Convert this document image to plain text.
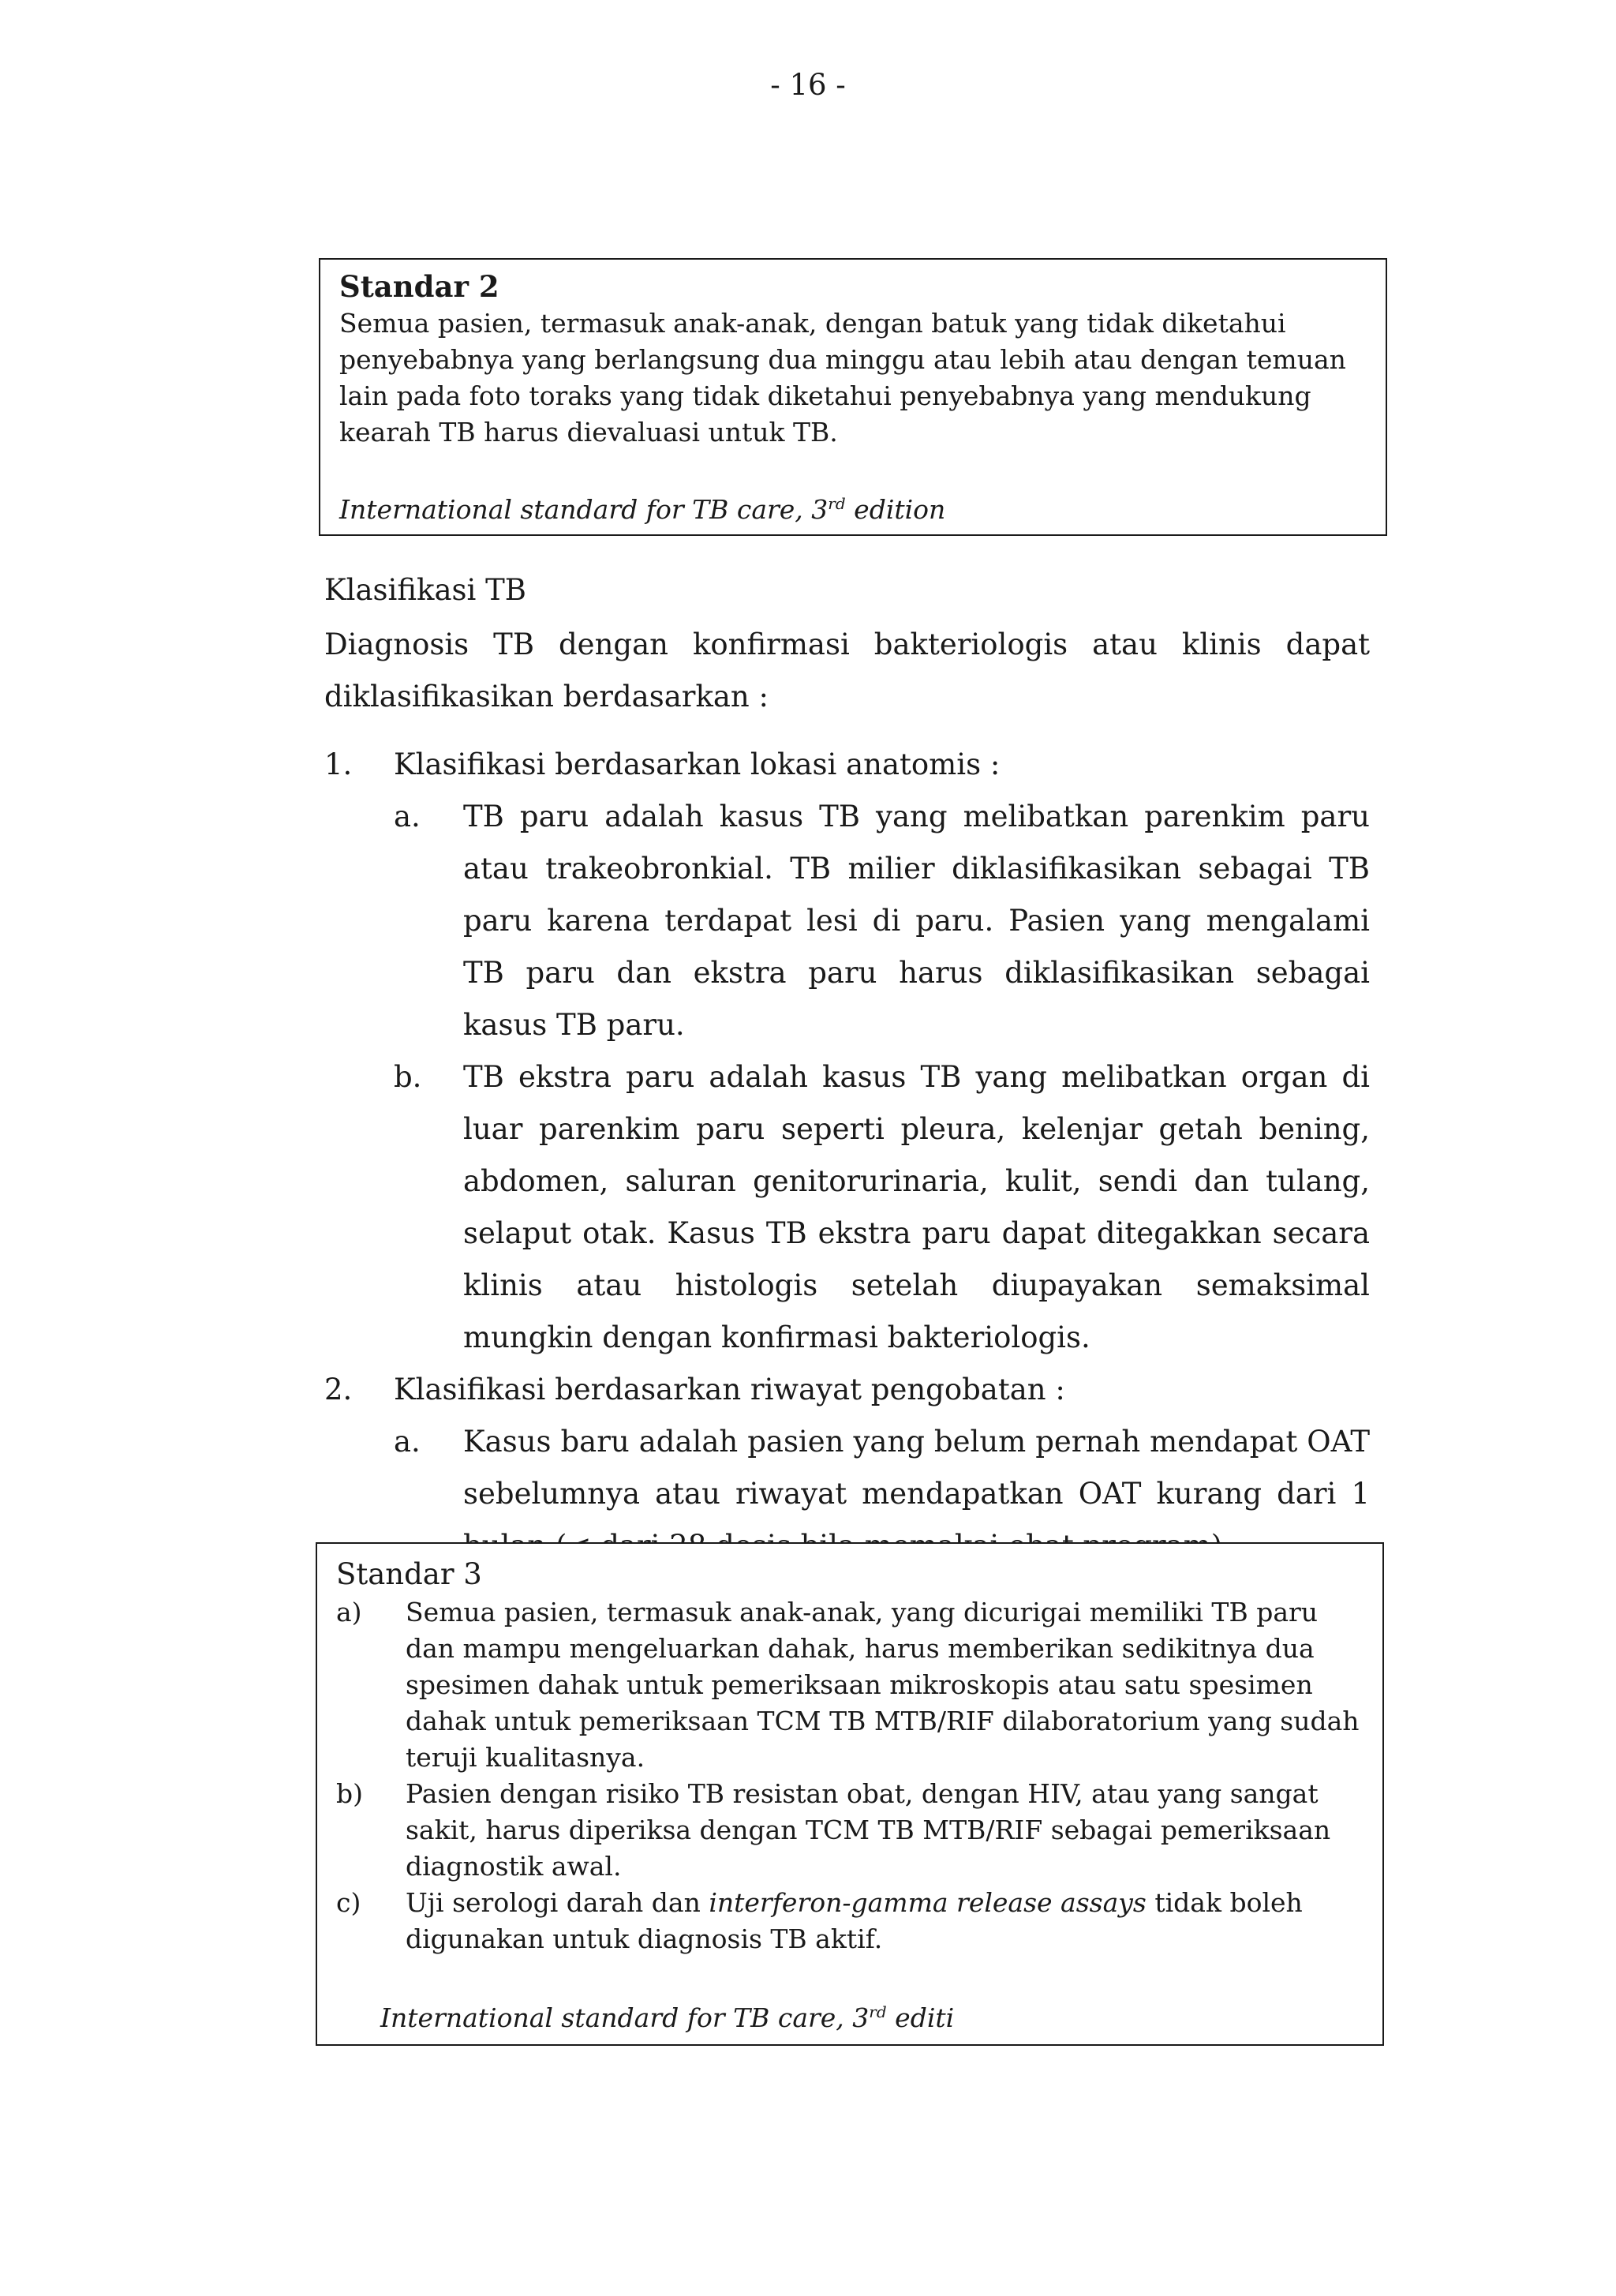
- 16 -
Standar 2

Semua pasien, termasuk anak-anak, dengan batuk yang tidak diketahui

penyebabnya yang berlangsung dua minggu atau lebih atau dengan temuan

lain pada foto toraks yang tidak diketahui penyebabnya yang mendukung

kearah TB harus dievaluasi untuk TB.

International standard for TB care, 3rd edition
Klasifikasi TB
Diagnosis TB dengan konfirmasi bakteriologis atau klinis dapat diklasifikasikan berdasarkan :
1.	Klasifikasi berdasarkan lokasi anatomis :
a.	TB paru adalah kasus TB yang melibatkan parenkim paru atau trakeobronkial. TB milier diklasifikasikan sebagai TB paru karena terdapat lesi di paru. Pasien yang mengalami TB paru dan ekstra paru harus diklasifikasikan sebagai kasus TB paru.
b.	TB ekstra paru adalah kasus TB yang melibatkan organ di luar parenkim paru seperti pleura, kelenjar getah bening, abdomen, saluran genitorurinaria, kulit, sendi dan tulang, selaput otak. Kasus TB ekstra paru dapat ditegakkan secara klinis atau histologis setelah diupayakan semaksimal mungkin dengan konfirmasi bakteriologis.
2.	Klasifikasi berdasarkan riwayat pengobatan :
a.	Kasus baru adalah pasien yang belum pernah mendapat OAT sebelumnya atau riwayat mendapatkan OAT kurang dari 1
Standar 3
a)	Semua pasien, termasuk anak-anak, yang dicurigai memiliki TB paru dan mampu mengeluarkan dahak, harus memberikan sedikitnya dua spesimen dahak untuk pemeriksaan mikroskopis atau satu spesimen dahak untuk pemeriksaan TCM TB MTB/RIF dilaboratorium yang sudah teruji kualitasnya.
b)	Pasien dengan risiko TB resistan obat, dengan HIV, atau yang sangat sakit, harus diperiksa dengan TCM TB MTB/RIF sebagai pemeriksaan diagnostik awal.
c)	Uji serologi darah dan interferon-gamma release assays tidak boleh digunakan untuk diagnosis TB aktif.
International standard for TB care, 3rd editi
